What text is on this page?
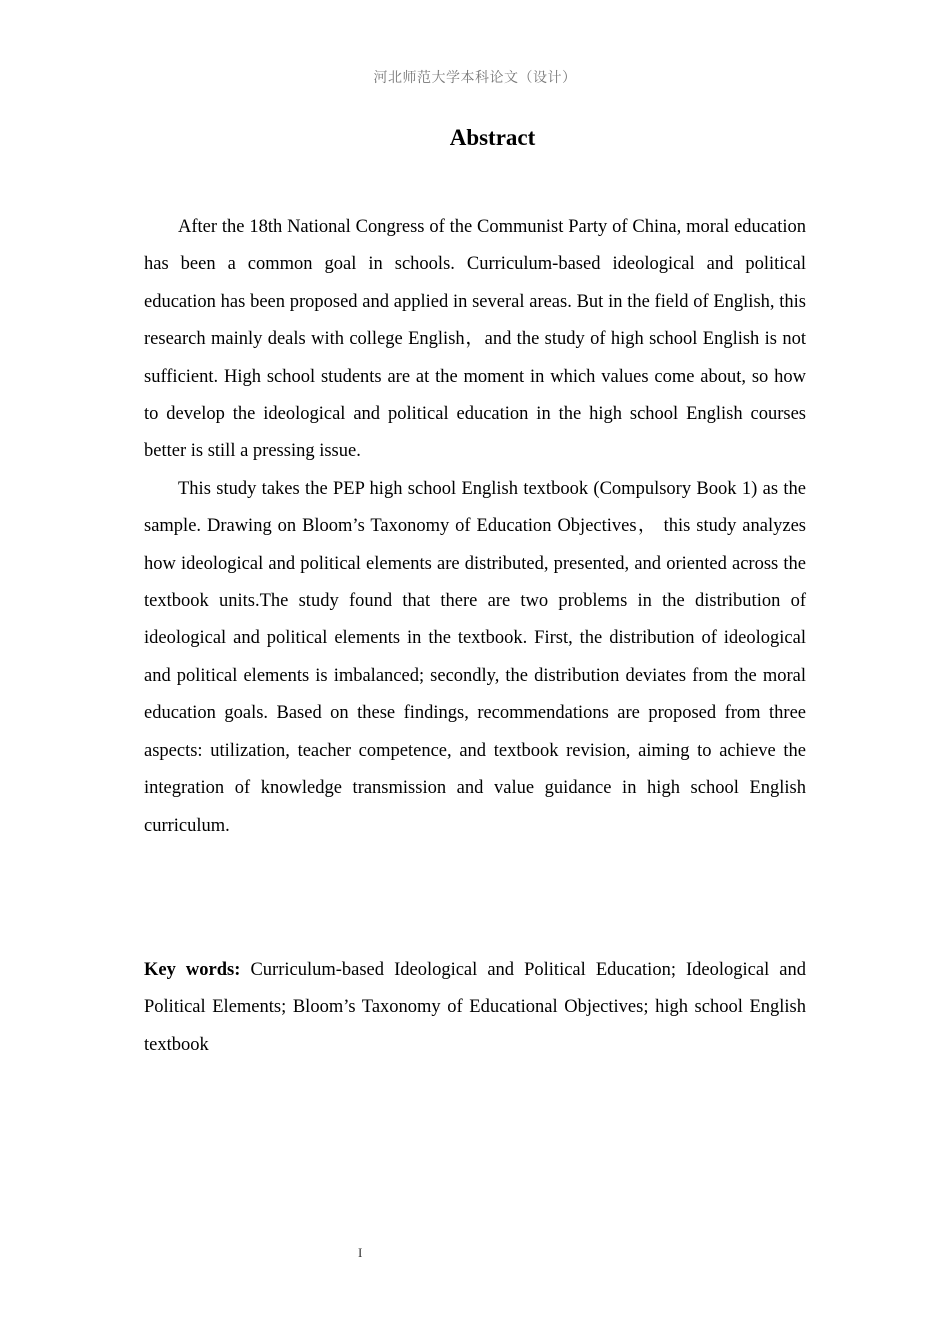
河北师范大学本科论文（设计）
Abstract

After the 18th National Congress of the Communist Party of China, moral education has been a common goal in schools. Curriculum-based ideological and political education has been proposed and applied in several areas. But in the field of English, this research mainly deals with college English，and the study of high school English is not sufficient. High school students are at the moment in which values come about, so how to develop the ideological and political education in the high school English courses better is still a pressing issue.

This study takes the PEP high school English textbook (Compulsory Book 1) as the sample. Drawing on Bloom’s Taxonomy of Education Objectives， this study analyzes how ideological and political elements are distributed, presented, and oriented across the textbook units.The study found that there are two problems in the distribution of ideological and political elements in the textbook. First, the distribution of ideological and political elements is imbalanced; secondly, the distribution deviates from the moral education goals. Based on these findings, recommendations are proposed from three aspects: utilization, teacher competence, and textbook revision, aiming to achieve the integration of knowledge transmission and value guidance in high school English curriculum.

Key words: Curriculum-based Ideological and Political Education; Ideological and Political Elements; Bloom’s Taxonomy of Educational Objectives; high school English textbook

I
